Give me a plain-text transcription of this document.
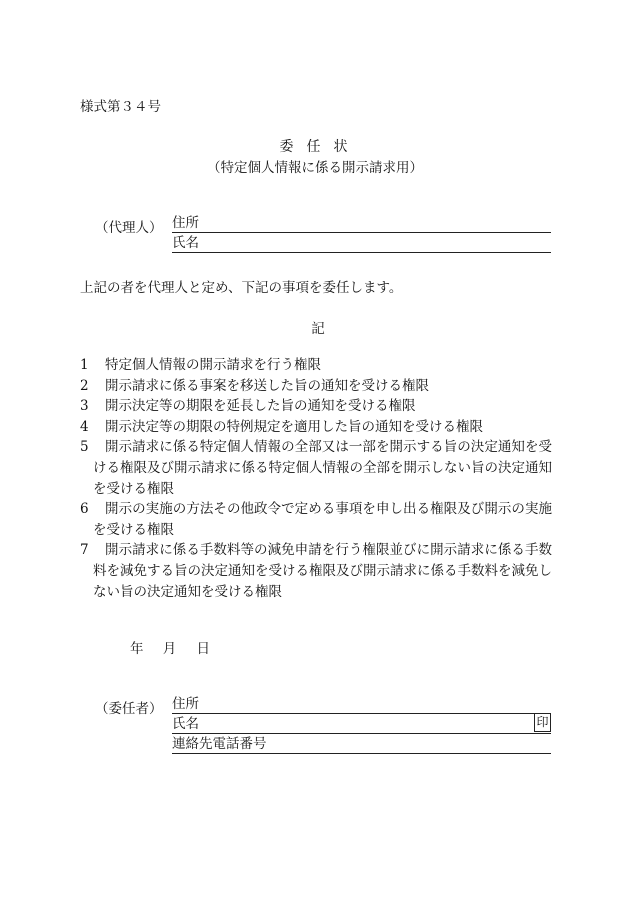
様式第３４号
委任状
（特定個人情報に係る開示請求用）
（代理人） 住所
氏名
上記の者を代理人と定め、下記の事項を委任します。
記
1 特定個人情報の開示請求を行う権限
2 開示請求に係る事案を移送した旨の通知を受ける権限
3 開示決定等の期限を延長した旨の通知を受ける権限
4 開示決定等の期限の特例規定を適用した旨の通知を受ける権限
5 開示請求に係る特定個人情報の全部又は一部を開示する旨の決定通知を受ける権限及び開示請求に係る特定個人情報の全部を開示しない旨の決定通知を受ける権限
6 開示の実施の方法その他政令で定める事項を申し出る権限及び開示の実施を受ける権限
7 開示請求に係る手数料等の減免申請を行う権限並びに開示請求に係る手数料を減免する旨の決定通知を受ける権限及び開示請求に係る手数料を減免しない旨の決定通知を受ける権限
年 月 日
（委任者） 住所
氏名	印
連絡先電話番号
